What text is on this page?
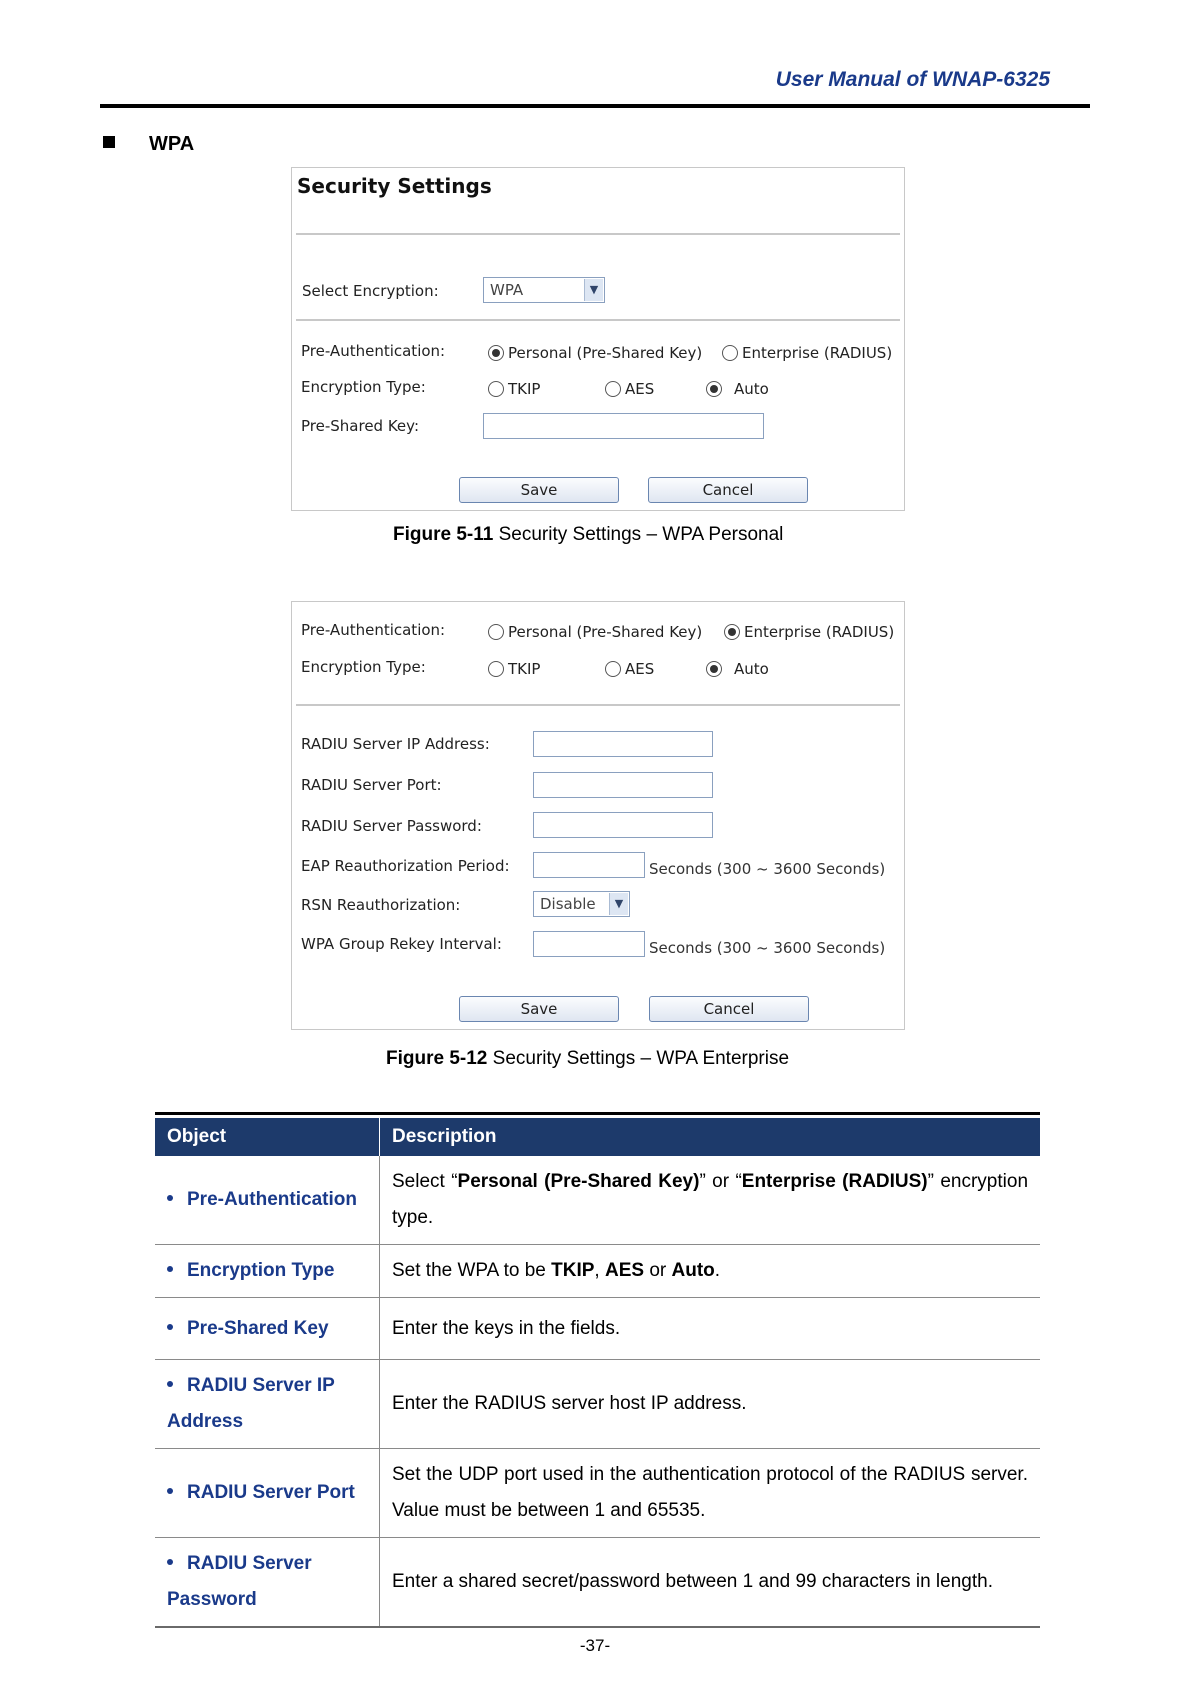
User Manual of WNAP-6325
WPA
Security Settings
Select Encryption:	WPA	▼
Pre-Authentication:	Personal (Pre-Shared Key)	Enterprise (RADIUS)
Encryption Type:	TKIP	AES	Auto
Pre-Shared Key:
Save	Cancel
Figure 5-11 Security Settings – WPA Personal
Pre-Authentication:	Personal (Pre-Shared Key)	Enterprise (RADIUS)
Encryption Type:	TKIP	AES	Auto
RADIU Server IP Address:
RADIU Server Port:
RADIU Server Password:
EAP Reauthorization Period:	Seconds (300 ~ 3600 Seconds)
RSN Reauthorization:	Disable	▼
WPA Group Rekey Interval:	Seconds (300 ~ 3600 Seconds)
Save	Cancel
Figure 5-12 Security Settings – WPA Enterprise
Object	Description
Pre-Authentication	Select “Personal (Pre-Shared Key)” or “Enterprise (RADIUS)” encryption type.
Encryption Type	Set the WPA to be TKIP, AES or Auto.
Pre-Shared Key	Enter the keys in the fields.
RADIU Server IP Address	Enter the RADIUS server host IP address.
RADIU Server Port	Set the UDP port used in the authentication protocol of the RADIUS server. Value must be between 1 and 65535.
RADIU Server Password	Enter a shared secret/password between 1 and 99 characters in length.
-37-
